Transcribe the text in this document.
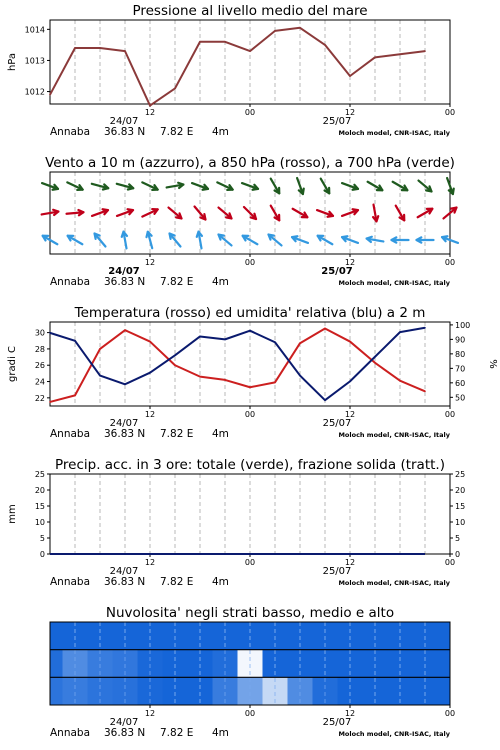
Pressione al livello medio del mare
12	00	12	00
24/07	25/07
Annaba 36.83 N 7.82 E 4m	Moloch model, CNR-ISAC, Italy
1012
1013
1014
hPa
Vento a 10 m (azzurro), a 850 hPa (rosso), a 700 hPa (verde)
12	00	12	00
24/07	25/07
Annaba 36.83 N 7.82 E 4m	Moloch model, CNR-ISAC, Italy
Temperatura (rosso) ed umidita' relativa (blu) a 2 m
12	00	12	00
24/07	25/07
Annaba 36.83 N 7.82 E 4m	Moloch model, CNR-ISAC, Italy
22
24
26
28
30
gradi C
50
60
70
80
90
100
%
Precip. acc. in 3 ore: totale (verde), frazione solida (tratt.)
12	00	12	00
24/07	25/07
Annaba 36.83 N 7.82 E 4m	Moloch model, CNR-ISAC, Italy
0
5
10
15
20
25
mm
0
5
10
15
20
25
Nuvolosita' negli strati basso, medio e alto
12	00	12	00
24/07	25/07
Annaba 36.83 N 7.82 E 4m	Moloch model, CNR-ISAC, Italy
